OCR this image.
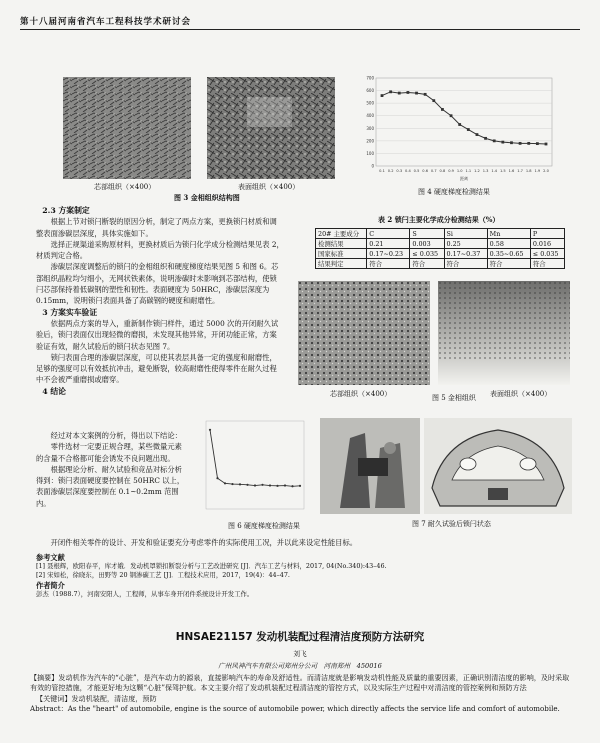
第十八届河南省汽车工程科技学术研讨会
芯部组织（×400）	表面组织（×400）
图 3 金相组织结构图
700
600
500
400
300
200
100
0
0.1 0.2 0.3 0.4 0.5 0.6 0.7 0.8 0.9 1.0 1.1 1.2 1.3 1.4 1.5 1.6 1.7 1.8 1.9 2.0
距离
图 4 硬度梯度检测结果

2.3 方案制定

根据上节对锁闩断裂的原因分析，制定了两点方案，更换锁闩材质和调整表面渗碳层深度，具体实施如下。

选择正规渠道采购原材料，更换材质后为锁闩化学成分检测结果见表 2，材质判定合格。

渗碳层深度调整后的锁闩的金相组织和硬度梯度结果见图 5 和图 6。芯部组织晶粒均匀细小，无网状铁素体，说明渗碳时未影响到芯部结构，使锁闩芯部保持着低碳钢的塑性和韧性。表面硬度为 50HRC，渗碳层深度为 0.15mm，说明锁闩表面具备了高碳钢的硬度和耐磨性。

3 方案实车验证

依据两点方案的导入，重新制作锁闩样件，通过 5000 次的开闭耐久试验后，锁闩表面仅出现轻微的磨损，未发现其他异常，开闭功能正常，方案验证有效，耐久试验后的锁闩状态见图 7。

锁闩表面合理的渗碳层深度，可以使其表层具备一定的强度和耐磨性，足够的强度可以有效抵抗冲击，避免断裂，较高耐磨性使得零件在耐久过程中不会被严重磨损或磨穿。

4 结论

经过对本文案例的分析，得出以下结论：

零件选材一定要正规合理，某些微量元素的含量不合格都可能会诱发不良问题出现。

根据理论分析、耐久试验和竞品对标分析得到：锁闩表面硬度要控制在 50HRC 以上，表面渗碳层深度要控制在 0.1~0.2mm 范围内。

开闭件相关零件的设计、开发和验证要充分考虑零件的实际使用工况，并以此来设定性能目标。

表 2 锁闩主要化学成分检测结果（%）
20# 主要成分	C	S	Si	Mn	P
检测结果	0.21	0.003	0.25	0.58	0.016
国家标准	0.17~0.23	≤ 0.035	0.17~0.37	0.35~0.65	≤ 0.035
结果判定	符合	符合	符合	符合	符合
芯部组织（×400）	图 5 金相组织 表面组织（×400）
图 6 硬度梯度检测结果	图 7 耐久试验后锁闩状态
参考文献
[1] 聂根辉，欧阳春平，库才娥．发动机罩锁扣断裂分析与工艺改进研究 [J]．汽车工艺与材料，2017, 04(No.340):43–46.
[2] 宋如松，徐晓东，田野等 20 钢渗碳工艺 [J]．工程技术应用，2017，19(4)：44–47.
作者简介
彭杰（1988.7），河南安阳人，工程师，从事车身开闭件系统设计开发工作。
HNSAE21157 发动机装配过程清洁度预防方法研究
刘飞
广州风神汽车有限公司郑州分公司　河南郑州　450016
【摘要】发动机作为汽车的“心脏”，是汽车动力的源泉，直接影响汽车的寿命及舒适性。而清洁度就是影响发动机性能及质量的重要因素，正确识别清洁度的影响，及时采取有效的管控措施，才能更好地为这颗“心脏”保驾护航。本文主要介绍了发动机装配过程清洁度的管控方式，以及实际生产过程中对清洁度的管控案例和预防方法
【关键词】发动机装配，清洁度，预防
Abstract：As the "heart" of automobile, engine is the source of automobile power, which directly affects the service life and comfort of automobile.
